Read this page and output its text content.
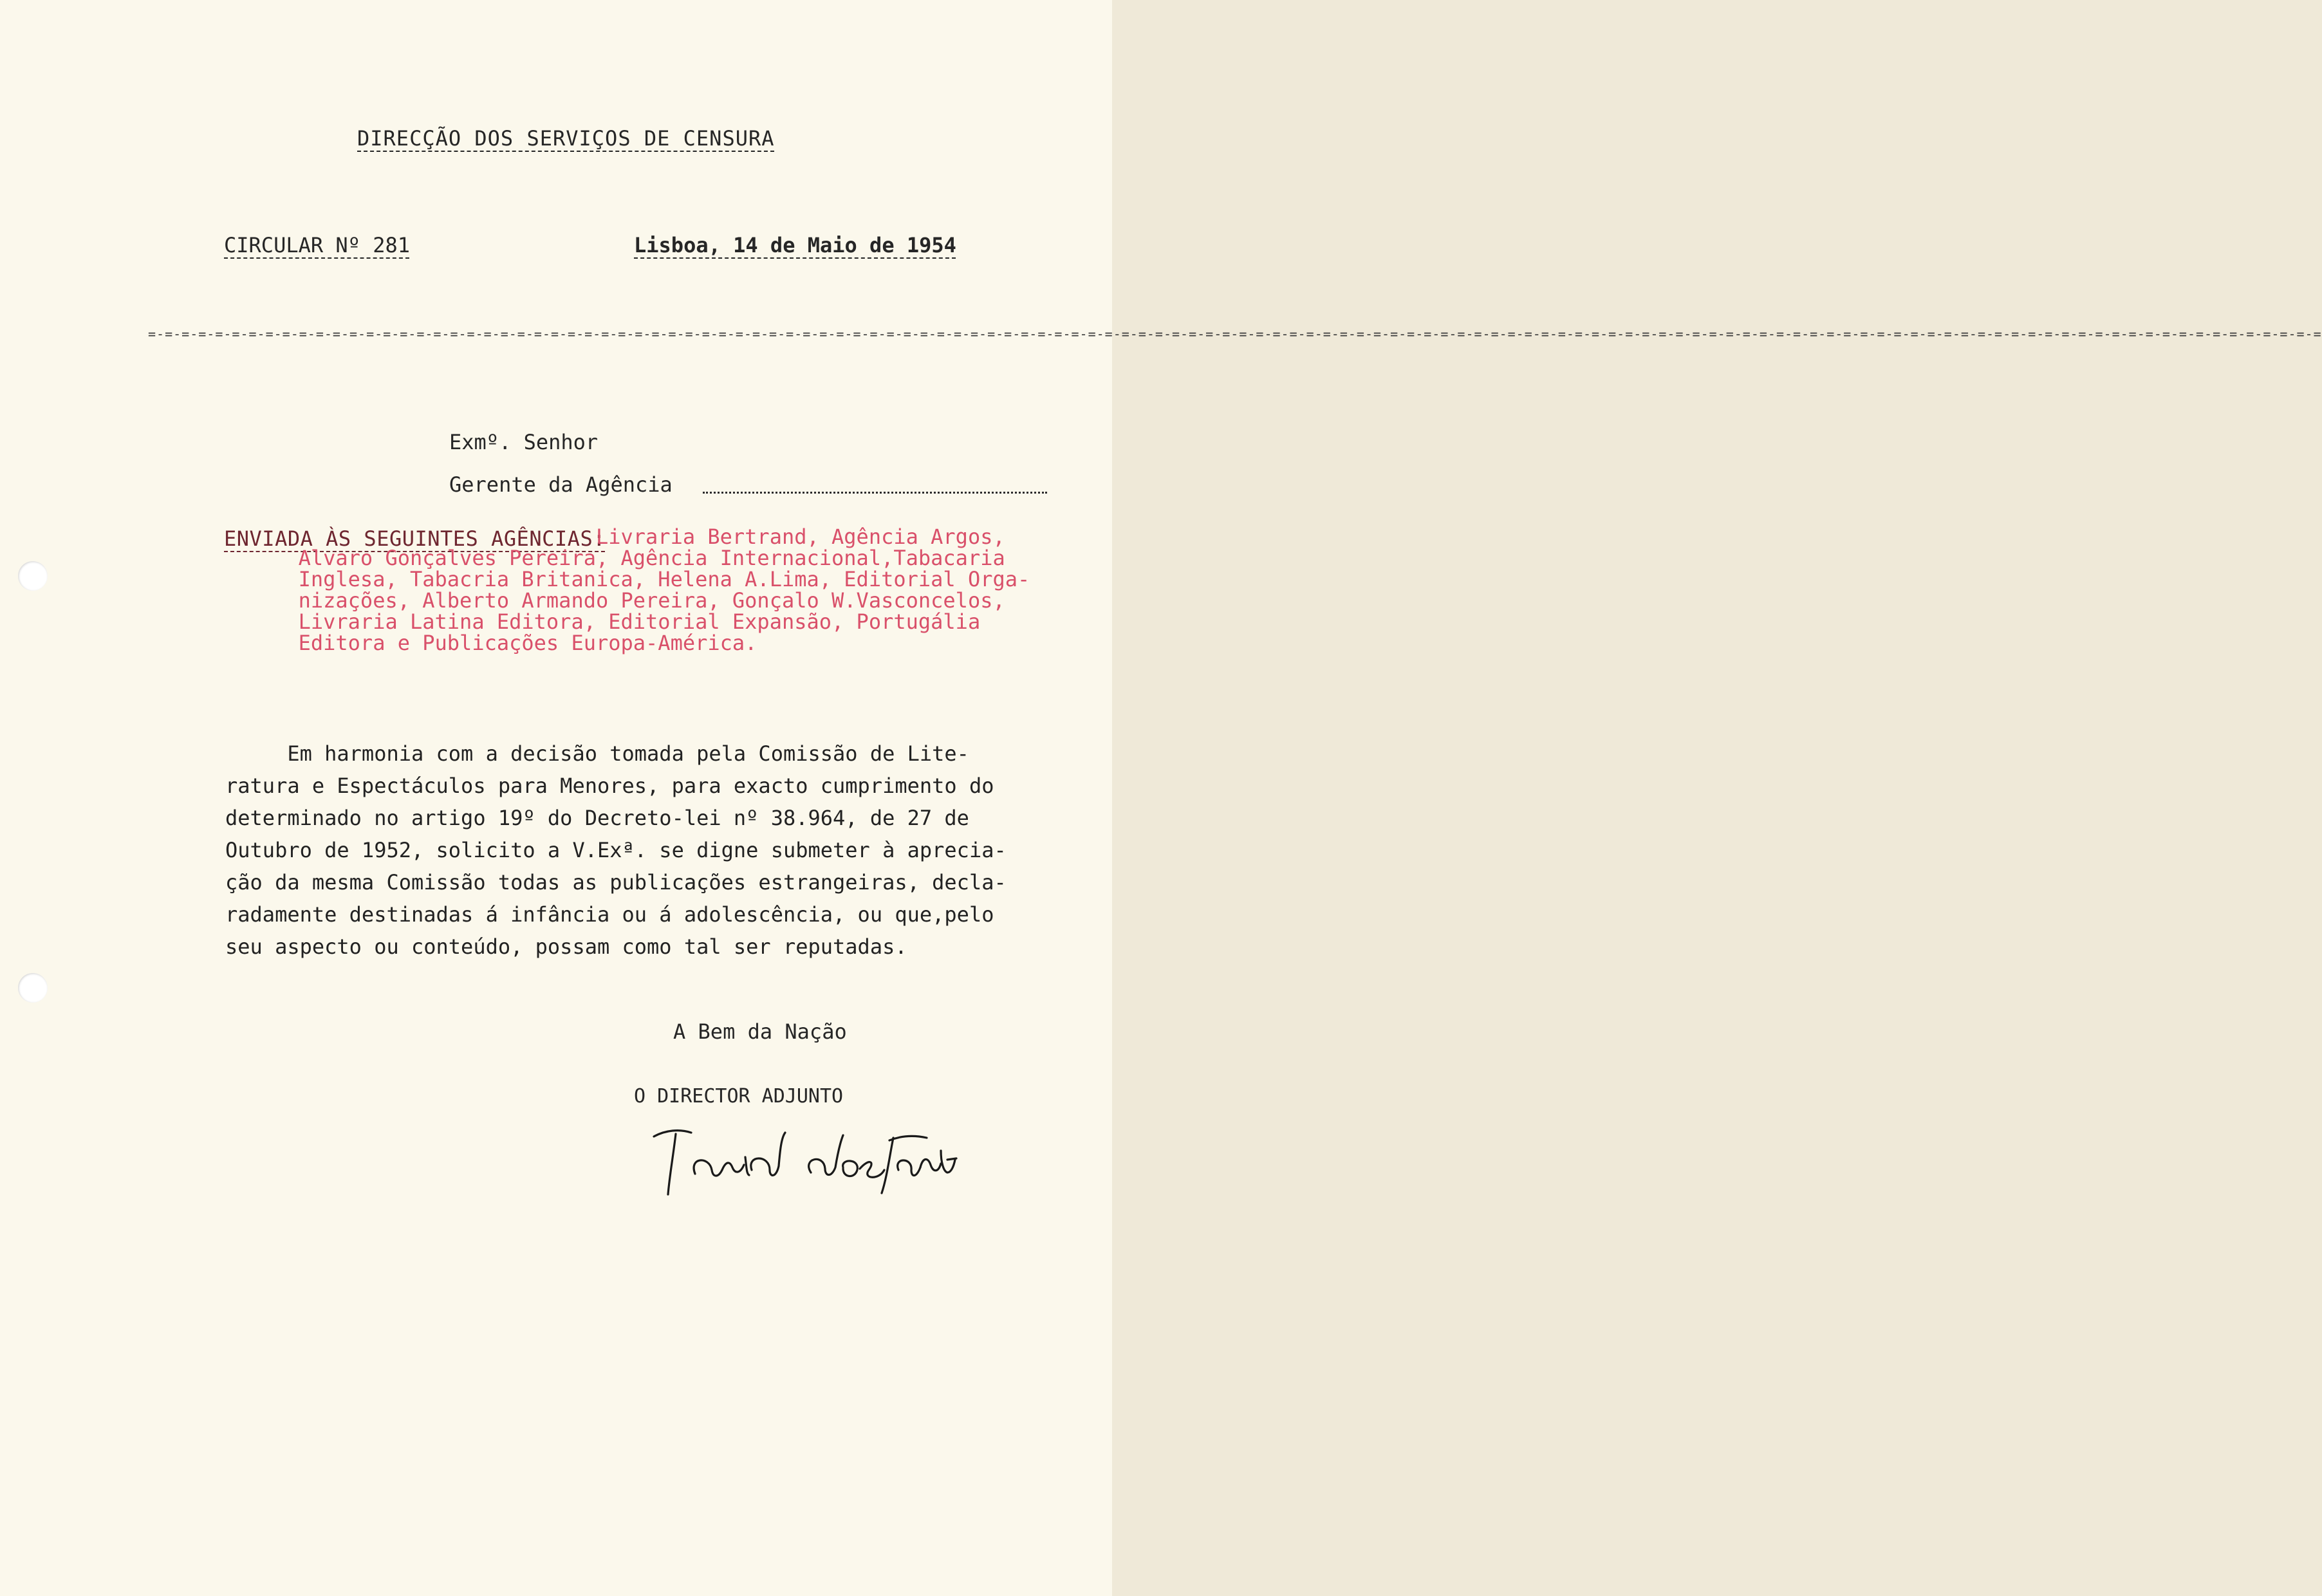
DIRECÇÃO DOS SERVIÇOS DE CENSURA
CIRCULAR Nº 281	Lisboa, 14 de Maio de 1954
=-=-=-=-=-=-=-=-=-=-=-=-=-=-=-=-=-=-=-=-=-=-=-=-=-=-=-=-=-=-=-=-=-=-=-=-=-=-=-=-=-=-=-=-=-=-=-=-=-=-=-=-=-=-=-=-=-=-=-=-=-=-=-=-=-=-=-=-=-=-=-=-=-=-=-=-=-=-=-=-=-=-=-=-=-=-=-=-=-=-=-=-=-=-=-=-=-=-=-=-=-=-=-=-=-=-=-=-=-=-=-=-=-=-=-=-=-=-=-=-=-=-=-=-=-=-=-=-=-=
Exmº. Senhor
Gerente da Agência
ENVIADA ÀS SEGUINTES AGÊNCIAS:
Livraria Bertrand, Agência Argos,
Alvaro Gonçalves Pereira, Agência Internacional,Tabacaria
Inglesa, Tabacria Britanica, Helena A.Lima, Editorial Orga-
nizações, Alberto Armando Pereira, Gonçalo W.Vasconcelos,
Livraria Latina Editora, Editorial Expansão, Portugália
Editora e Publicações Europa-América.
Em harmonia com a decisão tomada pela Comissão de Lite-
ratura e Espectáculos para Menores, para exacto cumprimento do
determinado no artigo 19º do Decreto-lei nº 38.964, de 27 de
Outubro de 1952, solicito a V.Exª. se digne submeter à aprecia-
ção da mesma Comissão todas as publicações estrangeiras, decla-
radamente destinadas á infância ou á adolescência, ou que,pelo
seu aspecto ou conteúdo, possam como tal ser reputadas.
A Bem da Nação
O DIRECTOR ADJUNTO
